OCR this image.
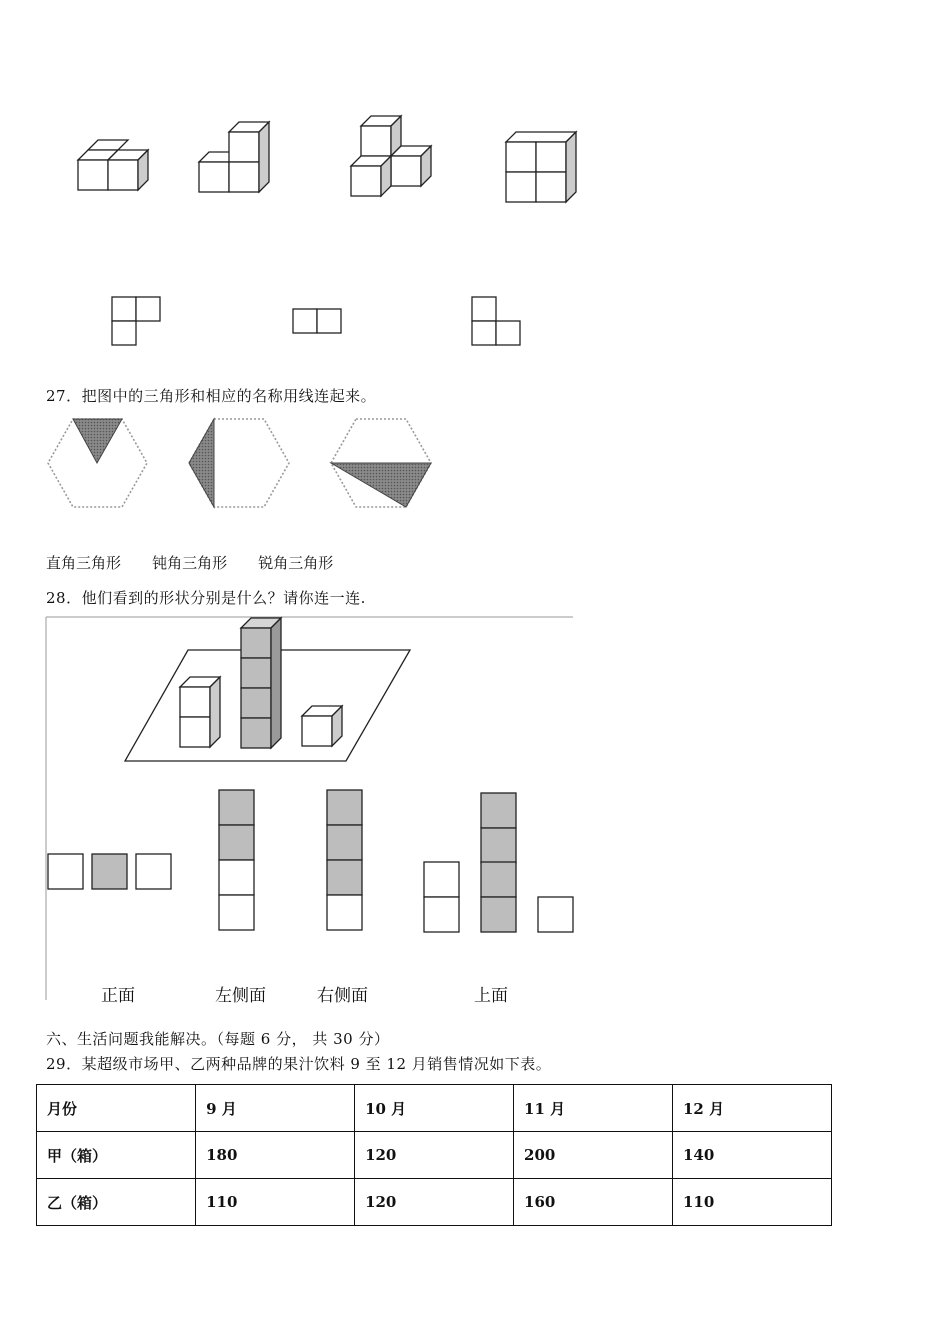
27．把图中的三角形和相应的名称用线连起来。
直角三角形 钝角三角形 锐角三角形
28．他们看到的形状分别是什么？请你连一连.
正面	左侧面	右侧面	上面
六、生活问题我能解决。（每题 6 分， 共 30 分）
29．某超级市场甲、乙两种品牌的果汁饮料 9 至 12 月销售情况如下表。
月份	9 月	10 月	11 月	12 月
甲（箱）	180	120	200	140
乙（箱）	110	120	160	110
